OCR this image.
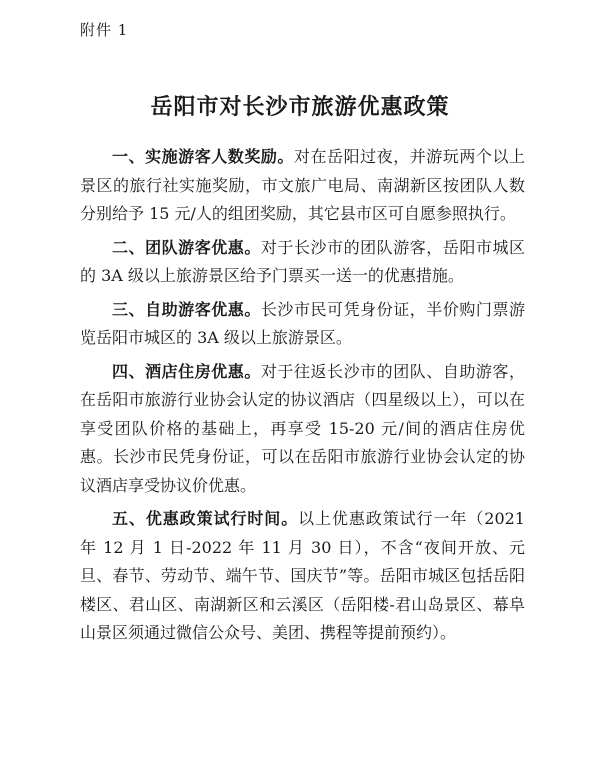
附件 1
岳阳市对长沙市旅游优惠政策

一、实施游客人数奖励。对在岳阳过夜，并游玩两个以上景区的旅行社实施奖励，市文旅广电局、南湖新区按团队人数分别给予 15 元/人的组团奖励，其它县市区可自愿参照执行。

二、团队游客优惠。对于长沙市的团队游客，岳阳市城区的 3A 级以上旅游景区给予门票买一送一的优惠措施。

三、自助游客优惠。长沙市民可凭身份证，半价购门票游览岳阳市城区的 3A 级以上旅游景区。

四、酒店住房优惠。对于往返长沙市的团队、自助游客，在岳阳市旅游行业协会认定的协议酒店（四星级以上），可以在享受团队价格的基础上，再享受 15-20 元/间的酒店住房优惠。长沙市民凭身份证，可以在岳阳市旅游行业协会认定的协议酒店享受协议价优惠。

五、优惠政策试行时间。以上优惠政策试行一年（2021 年 12 月 1 日-2022 年 11 月 30 日），不含“夜间开放、元旦、春节、劳动节、端午节、国庆节”等。岳阳市城区包括岳阳楼区、君山区、南湖新区和云溪区（岳阳楼-君山岛景区、幕阜山景区须通过微信公众号、美团、携程等提前预约）。
